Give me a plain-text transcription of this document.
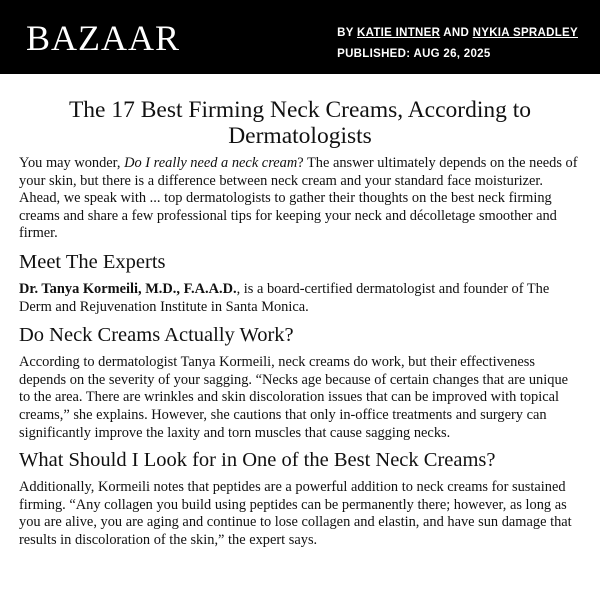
BAZAAR	BY KATIE INTNER AND NYKIA SPRADLEY
PUBLISHED: AUG 26, 2025
The 17 Best Firming Neck Creams, According to Dermatologists

You may wonder, Do I really need a neck cream? The answer ultimately depends on the needs of your skin, but there is a difference between neck cream and your standard face moisturizer. Ahead, we speak with ... top dermatologists to gather their thoughts on the best neck firming creams and share a few professional tips for keeping your neck and décolletage smoother and firmer.

Meet The Experts

Dr. Tanya Kormeili, M.D., F.A.A.D., is a board-certified dermatologist and founder of The Derm and Rejuvenation Institute in Santa Monica.

Do Neck Creams Actually Work?

According to dermatologist Tanya Kormeili, neck creams do work, but their effectiveness depends on the severity of your sagging. “Necks age because of certain changes that are unique to the area. There are wrinkles and skin discoloration issues that can be improved with topical creams,” she explains. However, she cautions that only in-office treatments and surgery can significantly improve the laxity and torn muscles that cause sagging necks.

What Should I Look for in One of the Best Neck Creams?

Additionally, Kormeili notes that peptides are a powerful addition to neck creams for sustained firming. “Any collagen you build using peptides can be permanently there; however, as long as you are alive, you are aging and continue to lose collagen and elastin, and have sun damage that results in discoloration of the skin,” the expert says.
